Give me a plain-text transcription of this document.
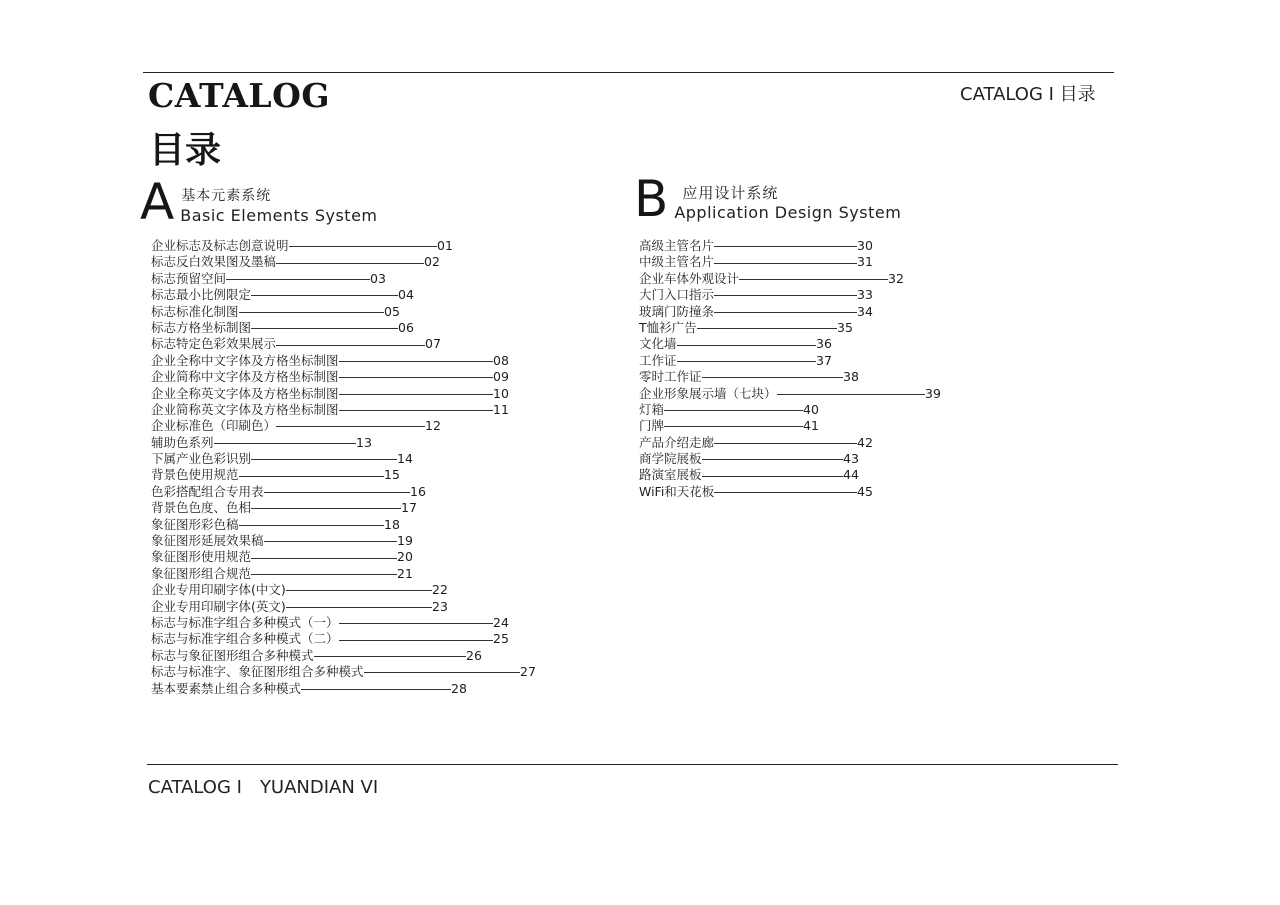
CATALOG
目录
CATALOG Ι 目录
A 基本元素系统
Basic Elements System	B 应用设计系统
Application Design System
企业标志及标志创意说明	01
标志反白效果图及墨稿	02
标志预留空间	03
标志最小比例限定	04
标志标准化制图	05
标志方格坐标制图	06
标志特定色彩效果展示	07
企业全称中文字体及方格坐标制图	08
企业简称中文字体及方格坐标制图	09
企业全称英文字体及方格坐标制图	10
企业简称英文字体及方格坐标制图	11
企业标准色（印刷色）	12
辅助色系列	13
下属产业色彩识别	14
背景色使用规范	15
色彩搭配组合专用表	16
背景色色度、色相	17
象征图形彩色稿	18
象征图形延展效果稿	19
象征图形使用规范	20
象征图形组合规范	21
企业专用印刷字体(中文)	22
企业专用印刷字体(英文)	23
标志与标准字组合多种模式（一）	24
标志与标准字组合多种模式（二）	25
标志与象征图形组合多种模式	26
标志与标准字、象征图形组合多种模式	27
基本要素禁止组合多种模式	28
高级主管名片	30
中级主管名片	31
企业车体外观设计	32
大门入口指示	33
玻璃门防撞条	34
T恤衫广告	35
文化墙	36
工作证	37
零时工作证	38
企业形象展示墙（七块）	39
灯箱	40
门牌	41
产品介绍走廊	42
商学院展板	43
路演室展板	44
WiFi和天花板	45
CATALOG Ι YUANDIAN VI
